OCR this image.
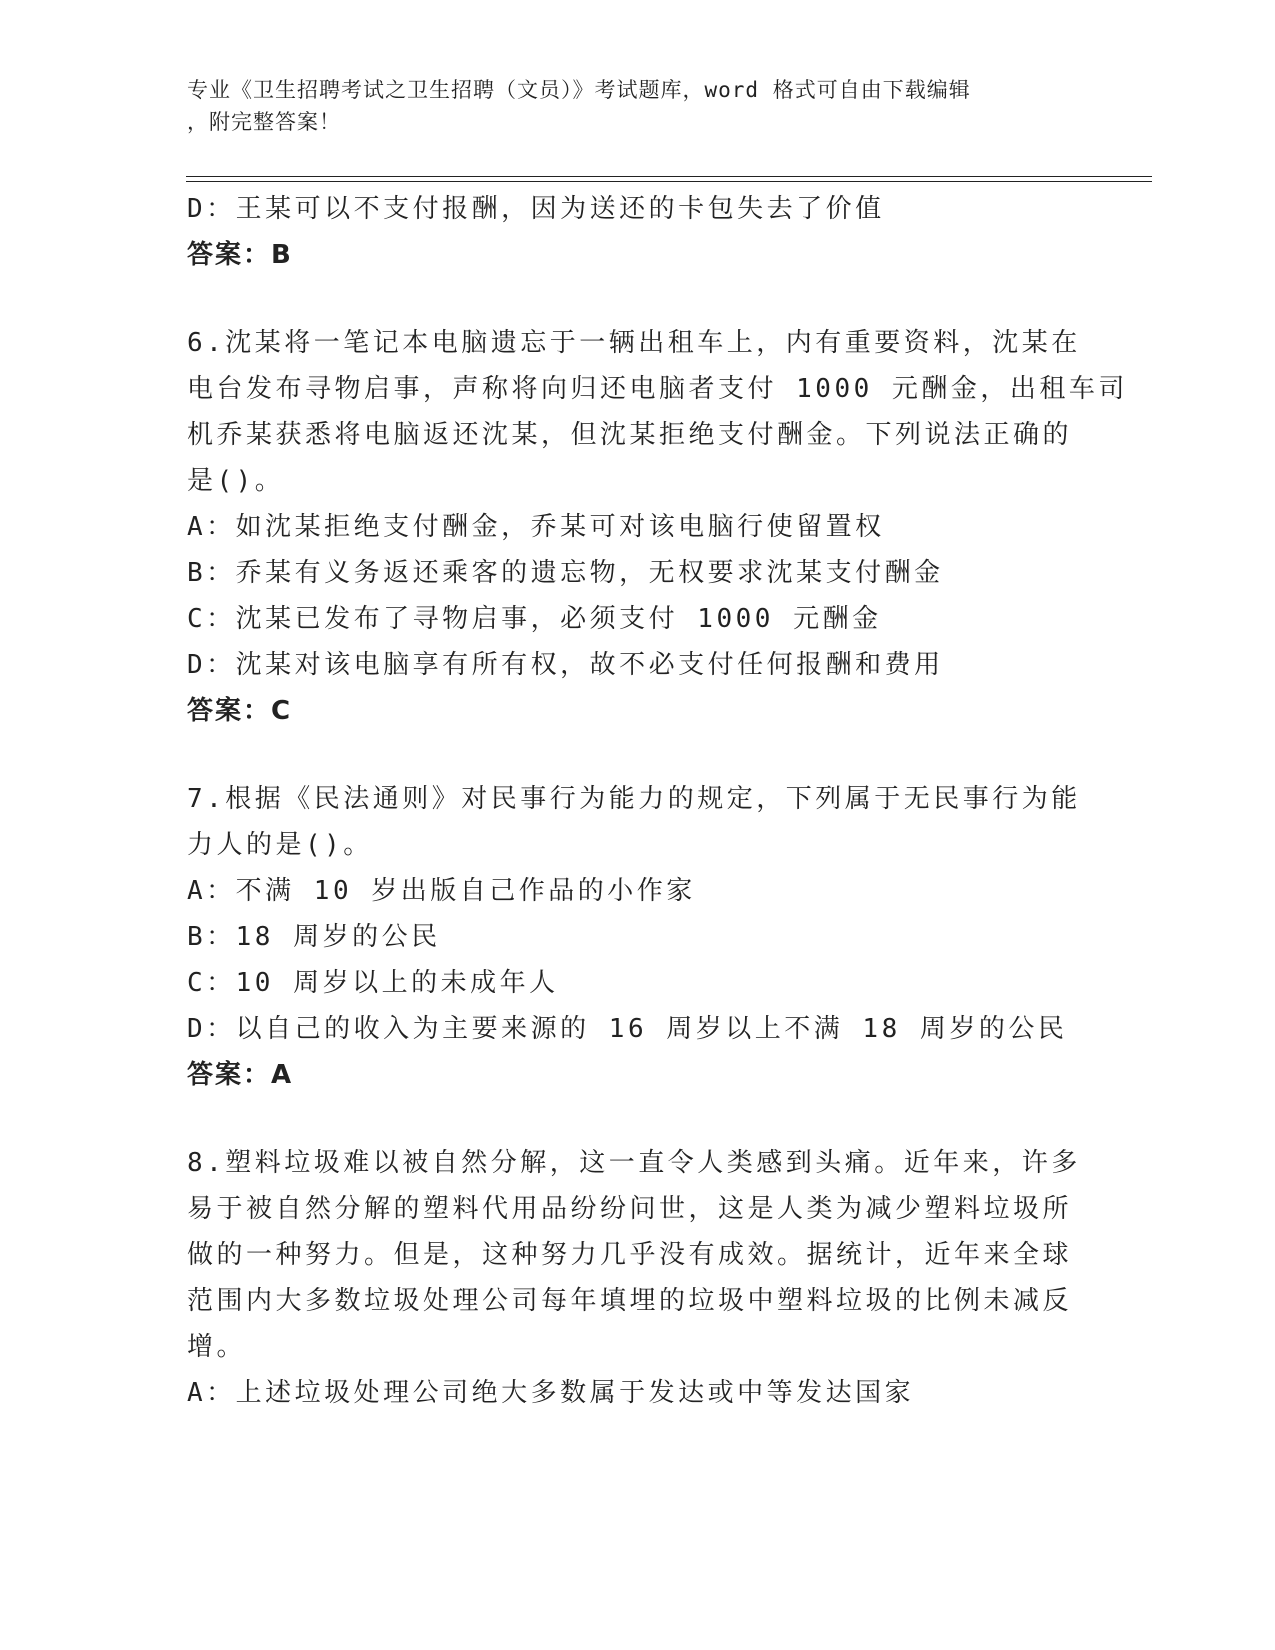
专业《卫生招聘考试之卫生招聘（文员）》考试题库，word 格式可自由下载编辑
，附完整答案！
D：王某可以不支付报酬，因为送还的卡包失去了价值
答案：B
6.沈某将一笔记本电脑遗忘于一辆出租车上，内有重要资料，沈某在
电台发布寻物启事，声称将向归还电脑者支付 1000 元酬金，出租车司
机乔某获悉将电脑返还沈某，但沈某拒绝支付酬金。下列说法正确的
是()。
A：如沈某拒绝支付酬金，乔某可对该电脑行使留置权
B：乔某有义务返还乘客的遗忘物，无权要求沈某支付酬金
C：沈某已发布了寻物启事，必须支付 1000 元酬金
D：沈某对该电脑享有所有权，故不必支付任何报酬和费用
答案：C
7.根据《民法通则》对民事行为能力的规定，下列属于无民事行为能
力人的是()。
A：不满 10 岁出版自己作品的小作家
B：18 周岁的公民
C：10 周岁以上的未成年人
D：以自己的收入为主要来源的 16 周岁以上不满 18 周岁的公民
答案：A
8.塑料垃圾难以被自然分解，这一直令人类感到头痛。近年来，许多
易于被自然分解的塑料代用品纷纷问世，这是人类为减少塑料垃圾所
做的一种努力。但是，这种努力几乎没有成效。据统计，近年来全球
范围内大多数垃圾处理公司每年填埋的垃圾中塑料垃圾的比例未减反
增。
A：上述垃圾处理公司绝大多数属于发达或中等发达国家
